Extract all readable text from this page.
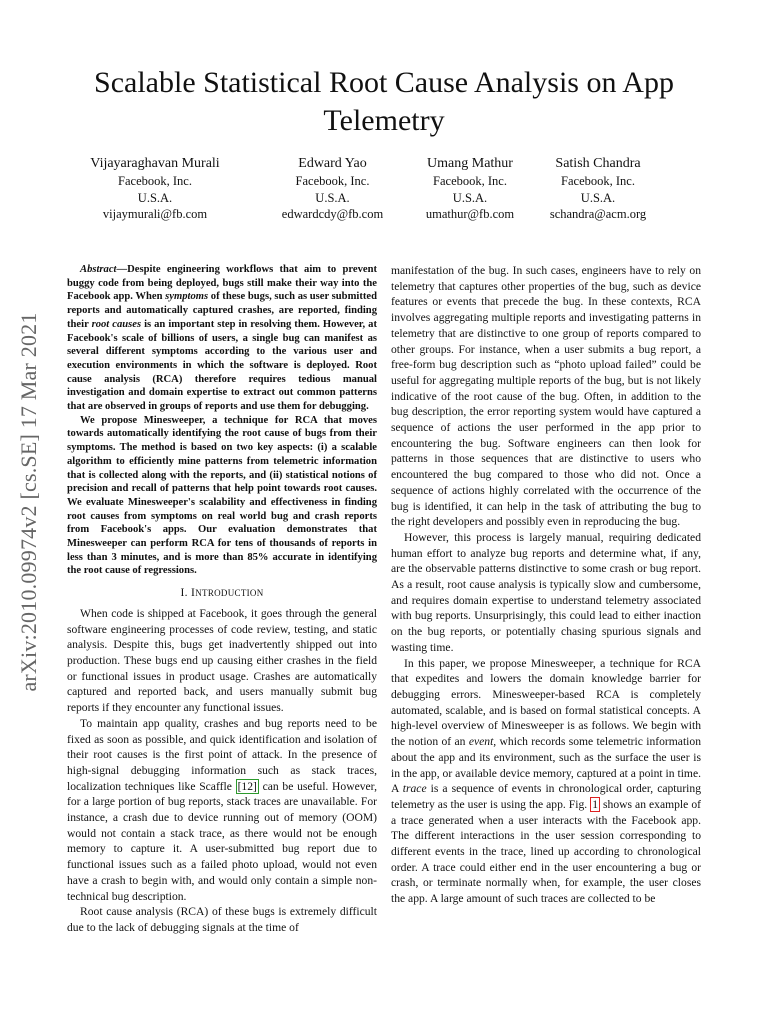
Scalable Statistical Root Cause Analysis on App Telemetry
Vijayaraghavan Murali
Facebook, Inc.
U.S.A.
vijaymurali@fb.com
Edward Yao
Facebook, Inc.
U.S.A.
edwardcdy@fb.com
Umang Mathur
Facebook, Inc.
U.S.A.
umathur@fb.com
Satish Chandra
Facebook, Inc.
U.S.A.
schandra@acm.org
arXiv:2010.09974v2 [cs.SE] 17 Mar 2021

Abstract—Despite engineering workflows that aim to prevent buggy code from being deployed, bugs still make their way into the Facebook app. When symptoms of these bugs, such as user submitted reports and automatically captured crashes, are reported, finding their root causes is an important step in resolving them. However, at Facebook's scale of billions of users, a single bug can manifest as several different symptoms according to the various user and execution environments in which the software is deployed. Root cause analysis (RCA) therefore requires tedious manual investigation and domain expertise to extract out common patterns that are observed in groups of reports and use them for debugging.

We propose Minesweeper, a technique for RCA that moves towards automatically identifying the root cause of bugs from their symptoms. The method is based on two key aspects: (i) a scalable algorithm to efficiently mine patterns from telemetric information that is collected along with the reports, and (ii) statistical notions of precision and recall of patterns that help point towards root causes. We evaluate Minesweeper's scalability and effectiveness in finding root causes from symptoms on real world bug and crash reports from Facebook's apps. Our evaluation demonstrates that Minesweeper can perform RCA for tens of thousands of reports in less than 3 minutes, and is more than 85% accurate in identifying the root cause of regressions.

I. INTRODUCTION

When code is shipped at Facebook, it goes through the general software engineering processes of code review, testing, and static analysis. Despite this, bugs get inadvertently shipped out into production. These bugs end up causing either crashes in the field or functional issues in product usage. Crashes are automatically captured and reported back, and users manually submit bug reports if they encounter any functional issues.

To maintain app quality, crashes and bug reports need to be fixed as soon as possible, and quick identification and isolation of their root causes is the first point of attack. In the presence of high-signal debugging information such as stack traces, localization techniques like Scaffle [12] can be useful. However, for a large portion of bug reports, stack traces are unavailable. For instance, a crash due to device running out of memory (OOM) would not contain a stack trace, as there would not be enough memory to capture it. A user-submitted bug report due to functional issues such as a failed photo upload, would not even have a crash to begin with, and would only contain a simple non-technical bug description.

Root cause analysis (RCA) of these bugs is extremely difficult due to the lack of debugging signals at the time of

manifestation of the bug. In such cases, engineers have to rely on telemetry that captures other properties of the bug, such as device features or events that precede the bug. In these contexts, RCA involves aggregating multiple reports and investigating patterns in telemetry that are distinctive to one group of reports compared to other groups. For instance, when a user submits a bug report, a free-form bug description such as “photo upload failed” could be useful for aggregating multiple reports of the bug, but is not likely indicative of the root cause of the bug. Often, in addition to the bug description, the error reporting system would have captured a sequence of actions the user performed in the app prior to encountering the bug. Software engineers can then look for patterns in those sequences that are distinctive to users who encountered the bug compared to those who did not. Once a sequence of actions highly correlated with the occurrence of the bug is identified, it can help in the task of attributing the bug to the right developers and possibly even in reproducing the bug.

However, this process is largely manual, requiring dedicated human effort to analyze bug reports and determine what, if any, are the observable patterns distinctive to some crash or bug report. As a result, root cause analysis is typically slow and cumbersome, and requires domain expertise to understand telemetry associated with bug reports. Unsurprisingly, this could lead to either inaction on the bug reports, or potentially chasing spurious signals and wasting time.

In this paper, we propose Minesweeper, a technique for RCA that expedites and lowers the domain knowledge barrier for debugging errors. Minesweeper-based RCA is completely automated, scalable, and is based on formal statistical concepts. A high-level overview of Minesweeper is as follows. We begin with the notion of an event, which records some telemetric information about the app and its environment, such as the surface the user is in the app, or available device memory, captured at a point in time. A trace is a sequence of events in chronological order, capturing telemetry as the user is using the app. Fig. 1 shows an example of a trace generated when a user interacts with the Facebook app. The different interactions in the user session corresponding to different events in the trace, lined up according to chronological order. A trace could either end in the user encountering a bug or crash, or terminate normally when, for example, the user closes the app. A large amount of such traces are collected to be
